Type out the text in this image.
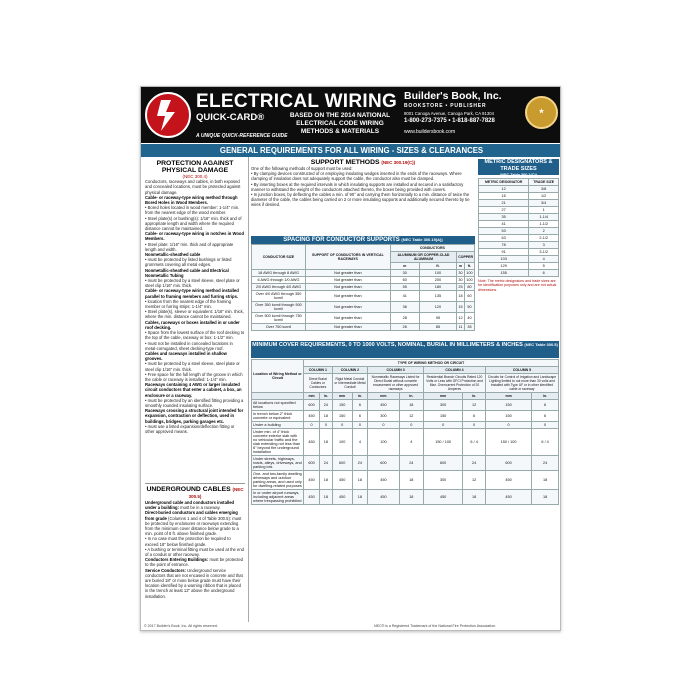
ELECTRICAL WIRING
QUICK-CARD®	BASED ON THE 2014 NATIONAL ELECTRICAL CODE WIRING METHODS & MATERIALS
A UNIQUE QUICK-REFERENCE GUIDE
Builder's Book, Inc.
BOOKSTORE • PUBLISHER
8001 Canoga Avenue, Canoga Park, CA 91304
1-800-273-7375 • 1-818-887-7828
www.buildersbook.com
★
GENERAL REQUIREMENTS FOR ALL WIRING - SIZES & CLEARANCES
PROTECTION AGAINST PHYSICAL DAMAGE
(NEC 300.4)
Conductors, raceways and cables, in both exposed and concealed locations, must be protected against physical damage.
Cable- or raceway-type wiring method through Bored Holes in Wood Members.
• Bored holes located in wood member: 1-1/4" min. from the nearest edge of the wood member.
• Steel plate(s) or bushing(s): 1/16" min. thick and of appropriate length and width where the required distance cannot be maintained.
Cable- or raceway-type wiring in notches in Wood Members.
• Steel plate: 1/16" min. thick and of appropriate length and width.
Nonmetallic-sheathed cable
• must be protected by listed bushings or listed grommets covering all metal edges.
Nonmetallic-sheathed cable and Electrical Nonmetallic Tubing
• must be protected by a steel sleeve, steel plate or steel clip 1/16" min. thick.
Cable- or raceway-type wiring method installed parallel to framing members and furring strips.
• location from the nearest edge of the framing member or furring strips: 1-1/4" min.
• Steel plate(s), sleeve or equivalent: 1/16" min. thick, where the min. distance cannot be maintained.
Cables, raceways or boxes installed in or under roof decking.
• Space from the lowest surface of the roof decking to the top of the cable, raceway or box: 1-1/2" min.
• must not be installed in concealed locations in metal-corrugated, sheet decking-type roof.
Cables and raceways installed in shallow grooves.
• must be protected by a steel sleeve, steel plate or steel clip 1/16" min. thick.
• Free space for the full length of the groove in which the cable or raceway is installed: 1-1/4" min.
Raceways containing 4 AWG or larger insulated circuit conductors that enter a cabinet, a box, an enclosure or a raceway.
• must be protected by an identified fitting providing a smoothly rounded insulating surface.
Raceways crossing a structural joint intended for expansion, contraction or deflection, used in buildings, bridges, parking garages etc.
• must use a listed expansion/deflection fitting or other approved means.
UNDERGROUND CABLES (NEC 300.5)
Underground cable and conductors installed under a building: must be in a raceway.
Direct-buried conductors and cables emerging from grade (Columns 1 and 4 of Table 300.5): must be protected by enclosures or raceways extending from the minimum cover distance below grade to a min. point of 8 ft. above finished grade.
• In no case must the protection be required to exceed 18" below finished grade.
• A bushing or terminal fitting must be used at the end of a conduit or other raceway.
Conductors Entering Buildings: must be protected to the point of entrance.
Service Conductors: Underground service conductors that are not encased in concrete and that are buried 18" or more below grade must have their location identified by a warning ribbon that is placed in the trench at least 12" above the underground installation.
SUPPORT METHODS (NEC 300.19(C))
One of the following methods of support must be used:
• By clamping devices constructed of or employing insulating wedges inserted in the ends of the raceways. Where clamping of insulation does not adequately support the cable, the conductor also must be clamped.
• By inserting boxes at the required intervals in which insulating supports are installed and secured in a satisfactory manner to withstand the weight of the conductors attached thereto, the boxes being provided with covers.
• In junction boxes, by deflecting the cables a min. of 90° and carrying them horizontally to a min. distance of twice the diameter of the cable, the cables being carried on 2 or more insulating supports and additionally secured thereto by tie wires if desired.
SPACING FOR CONDUCTOR SUPPORTS (NEC Table 300.19(A))
CONDUCTOR SIZE	SUPPORT OF CONDUCTORS IN VERTICAL RACEWAYS	CONDUCTORS			
		ALUMINUM OR COPPER-CLAD ALUMINUM		COPPER	
		m	ft.	m	ft.
18 AWG through 8 AWG	Not greater than	30	100	30	100
6 AWG through 1/0 AWG	Not greater than	60	200	30	100
2/0 AWG through 4/0 AWG	Not greater than	55	180	25	80
Over 4/0 AWG through 350 kcmil	Not greater than	41	135	18	60
Over 350 kcmil through 500 kcmil	Not greater than	36	120	15	50
Over 500 kcmil through 750 kcmil	Not greater than	28	95	12	40
Over 750 kcmil	Not greater than	26	85	11	35
METRIC DESIGNATORS & TRADE SIZES
(NEC Table 300.1(C))
METRIC DESIGNATOR	TRADE SIZE
12	3/8
16	1/2
21	3/4
27	1
35	1-1/4
41	1-1/2
53	2
63	2-1/2
78	3
91	3-1/2
103	4
129	5
155	6
Note: The metric designators and trade sizes are for identification purposes only and are not actual dimensions.
MINIMUM COVER REQUIREMENTS, 0 TO 1000 VOLTS, NOMINAL, BURIAL IN MILLIMETERS & INCHES (NEC Table 300.5)
Location of Wiring Method or Circuit	TYPE OF WIRING METHOD OR CIRCUIT									
	COLUMN 1		COLUMN 2		COLUMN 3		COLUMN 4		COLUMN 5	
	Direct Burial Cables or Conductors		Rigid Metal Conduit or Intermediate Metal Conduit		Nonmetallic Raceways Listed for Direct Burial without concrete encasement or other approved raceways		Residential Branch Circuits Rated 120 Volts or Less with GFCI Protection and Max. Overcurrent Protection of 20 Amperes		Circuits for Control of Irrigation and Landscape Lighting limited to not more than 30 volts and installed with Type UF or in other identified cable or raceway	
	mm	in.	mm	in.	mm	in.	mm	in.	mm	in.
All locations not specified below	600	24	150	6	450	18	300	12	150	6
In trench below 2" thick concrete or equivalent	450	18	150	6	300	12	150	6	150	6
Under a building	0	0	0	0	0	0	0	0	0	0
Under min. of 4" thick concrete exterior slab with no vehicular traffic and the slab extending not less than 6" beyond the underground installation	450	18	100	4	100	4	150 / 100	6 / 4	150 / 100	6 / 4
Under streets, highways, roads, alleys, driveways, and parking lots	600	24	600	24	600	24	600	24	600	24
One- and two-family dwelling driveways and outdoor parking areas, and used only for dwelling-related purposes	450	18	450	18	450	18	300	12	450	18
In or under airport runways, including adjacent areas where trespassing prohibited	450	18	450	18	450	18	450	18	450	18
© 2017 Builder's Book, Inc. All rights reserved.	NEC® is a Registered Trademark of the National Fire Protection Association.
